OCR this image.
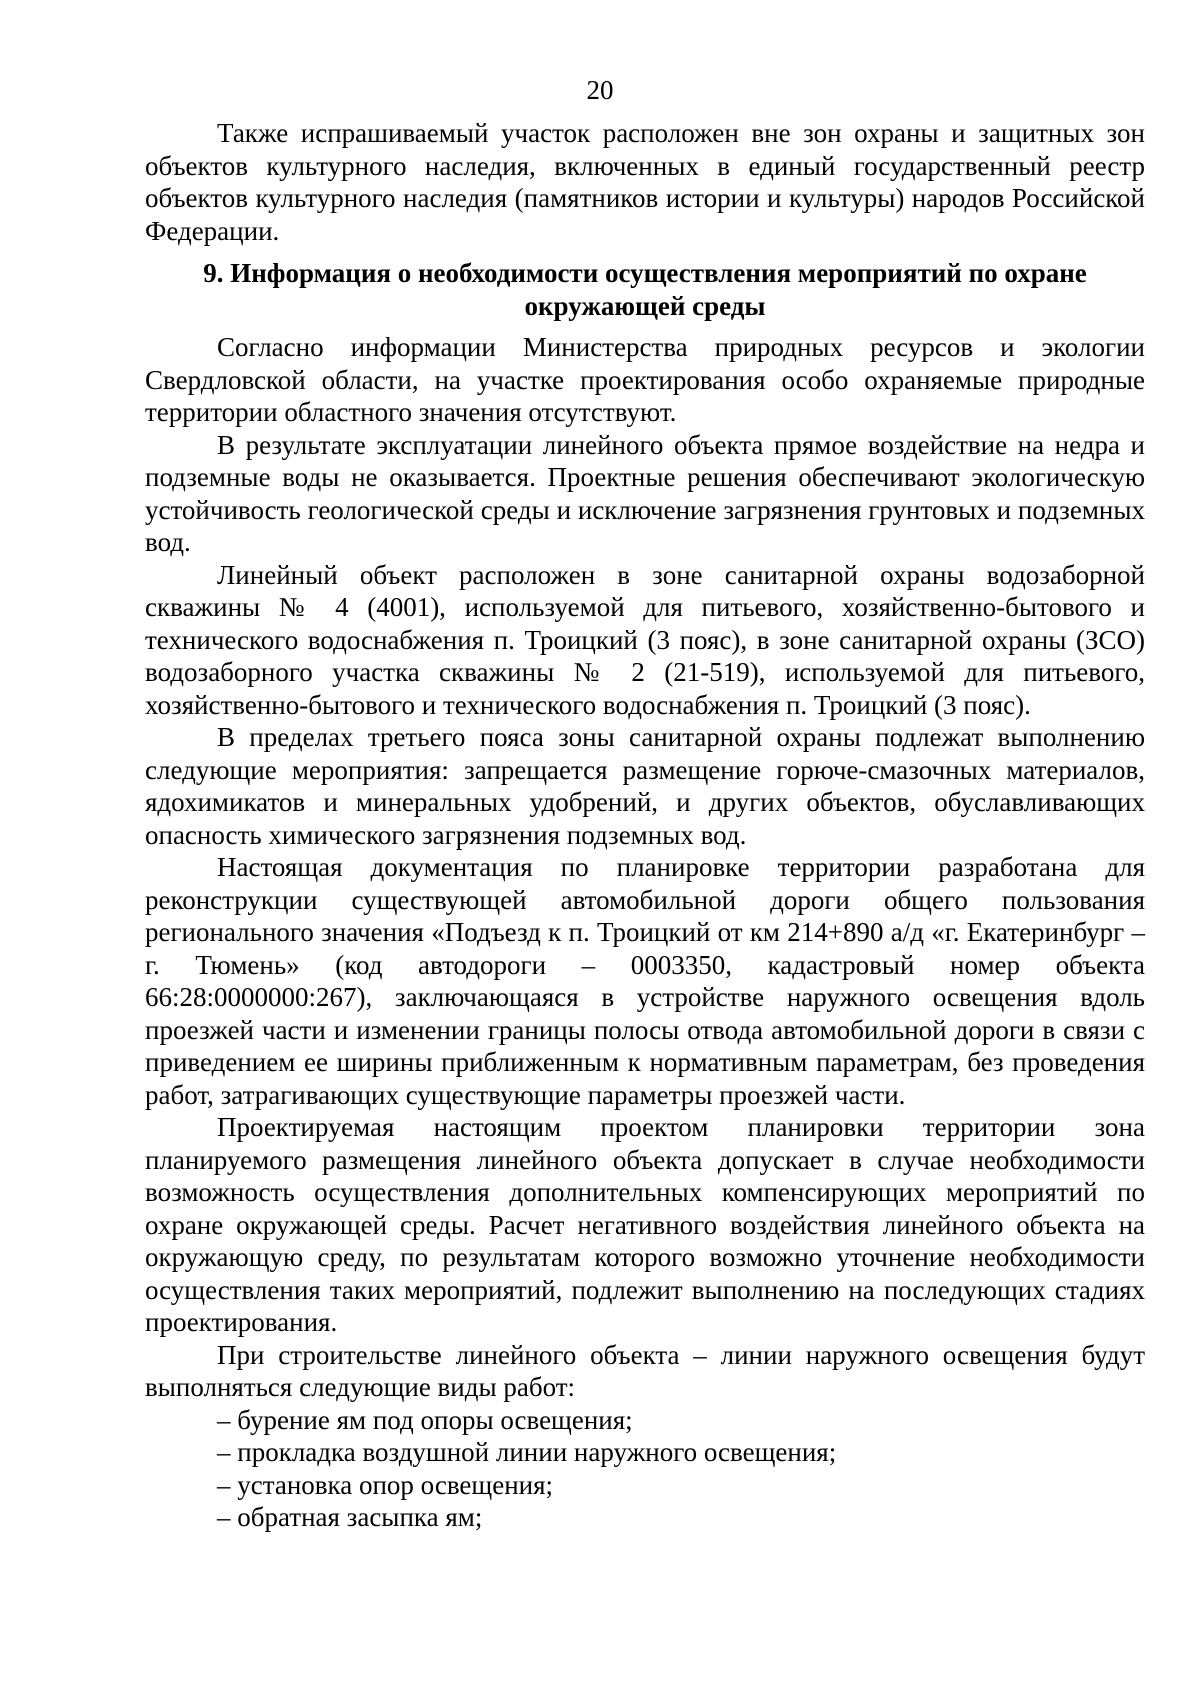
20

Также испрашиваемый участок расположен вне зон охраны и защитных зон объектов культурного наследия, включенных в единый государственный реестр объектов культурного наследия (памятников истории и культуры) народов Российской Федерации.

9. Информация о необходимости осуществления мероприятий по охране окружающей среды

Согласно информации Министерства природных ресурсов и экологии Свердловской области, на участке проектирования особо охраняемые природные территории областного значения отсутствуют.

В результате эксплуатации линейного объекта прямое воздействие на недра и подземные воды не оказывается. Проектные решения обеспечивают экологическую устойчивость геологической среды и исключение загрязнения грунтовых и подземных вод.

Линейный объект расположен в зоне санитарной охраны водозаборной скважины № 4 (4001), используемой для питьевого, хозяйственно-бытового и технического водоснабжения п. Троицкий (3 пояс), в зоне санитарной охраны (ЗСО) водозаборного участка скважины № 2 (21-519), используемой для питьевого, хозяйственно-бытового и технического водоснабжения п. Троицкий (3 пояс).

В пределах третьего пояса зоны санитарной охраны подлежат выполнению следующие мероприятия: запрещается размещение горюче-смазочных материалов, ядохимикатов и минеральных удобрений, и других объектов, обуславливающих опасность химического загрязнения подземных вод.

Настоящая документация по планировке территории разработана для реконструкции существующей автомобильной дороги общего пользования регионального значения «Подъезд к п. Троицкий от км 214+890 а/д «г. Екатеринбург – г. Тюмень» (код автодороги – 0003350, кадастровый номер объекта 66:28:0000000:267), заключающаяся в устройстве наружного освещения вдоль проезжей части и изменении границы полосы отвода автомобильной дороги в связи с приведением ее ширины приближенным к нормативным параметрам, без проведения работ, затрагивающих существующие параметры проезжей части.

Проектируемая настоящим проектом планировки территории зона планируемого размещения линейного объекта допускает в случае необходимости возможность осуществления дополнительных компенсирующих мероприятий по охране окружающей среды. Расчет негативного воздействия линейного объекта на окружающую среду, по результатам которого возможно уточнение необходимости осуществления таких мероприятий, подлежит выполнению на последующих стадиях проектирования.

При строительстве линейного объекта – линии наружного освещения будут выполняться следующие виды работ:

– бурение ям под опоры освещения;
– прокладка воздушной линии наружного освещения;
– установка опор освещения;
– обратная засыпка ям;
